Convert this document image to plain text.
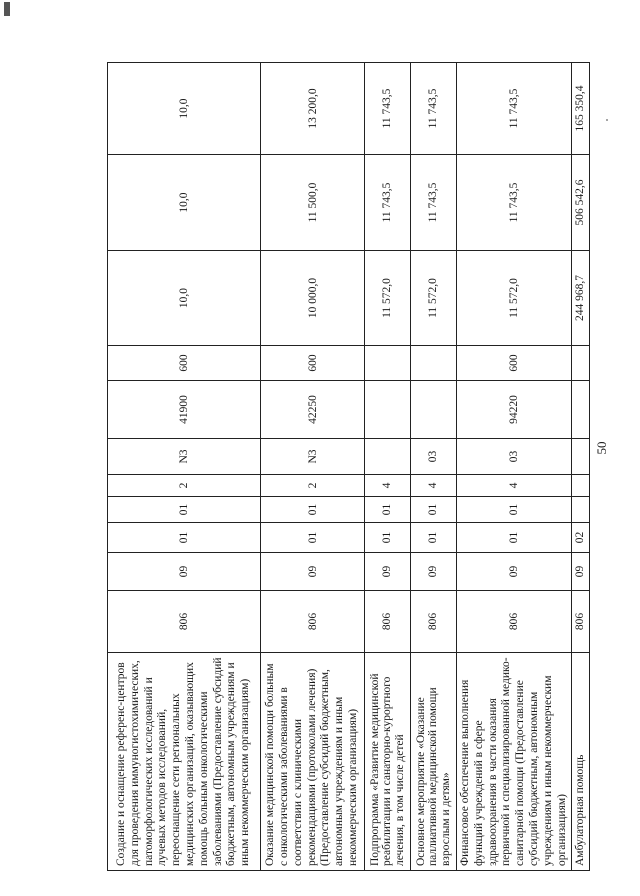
50
Создание и оснащение референс-центров для проведения иммуногистохимических, патоморфологических исследований и лучевых методов исследований, переоснащение сети региональных медицинских организаций, оказывающих помощь больным онкологическими заболеваниями (Предоставление субсидий бюджетным, автономным учреждениям и иным некоммерческим организациям)	806	09	01	01	2	N3	41900	600	10,0	10,0	10,0
Оказание медицинской помощи больным с онкологическими заболеваниями в соответствии с клиническими рекомендациями (протоколами лечения) (Предоставление субсидий бюджетным, автономным учреждениям и иным некоммерческим организациям)	806	09	01	01	2	N3	42250	600	10 000,0	11 500,0	13 200,0
Подпрограмма «Развитие медицинской реабилитации и санаторно-курортного лечения, в том числе детей	806	09	01	01	4				11 572,0	11 743,5	11 743,5
Основное мероприятие «Оказание паллиативной медицинской помощи взрослым и детям»	806	09	01	01	4	03			11 572,0	11 743,5	11 743,5
Финансовое обеспечение выполнения функций учреждений в сфере здравоохранения в части оказания первичной и специализированной медико-санитарной помощи (Предоставление субсидий бюджетным, автономным учреждениям и иным некоммерческим организациям)	806	09	01	01	4	03	94220	600	11 572,0	11 743,5	11 743,5
Амбулаторная помощь	806	09	02						244 968,7	506 542,6	165 350,4
